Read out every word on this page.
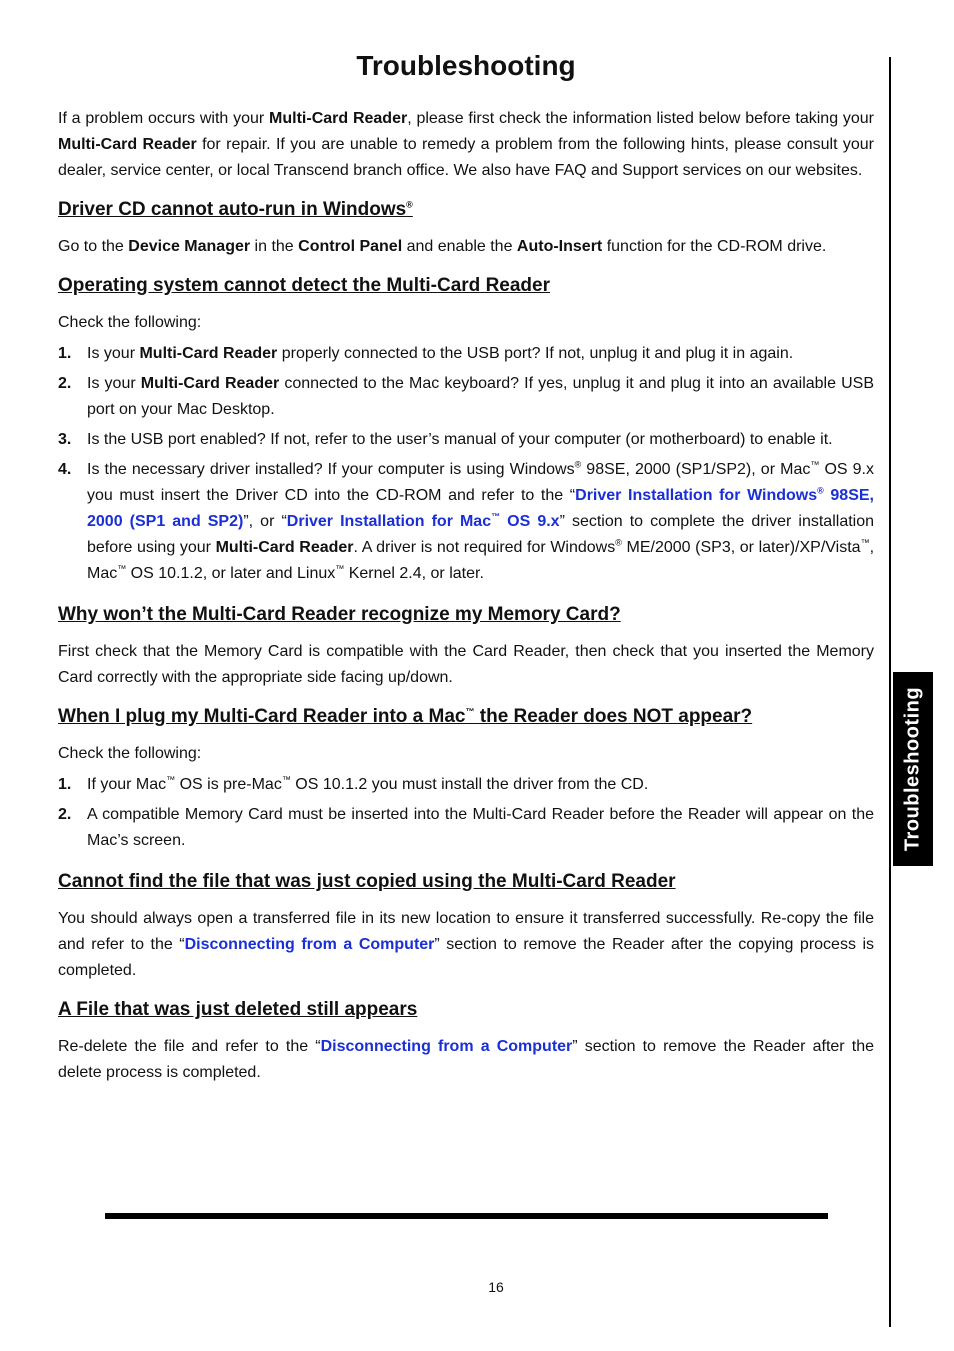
Troubleshooting
Troubleshooting

If a problem occurs with your Multi-Card Reader, please first check the information listed below before taking your Multi-Card Reader for repair. If you are unable to remedy a problem from the following hints, please consult your dealer, service center, or local Transcend branch office. We also have FAQ and Support services on our websites.

Driver CD cannot auto-run in Windows®

Go to the Device Manager in the Control Panel and enable the Auto-Insert function for the CD-ROM drive.

Operating system cannot detect the Multi-Card Reader

Check the following:

1. Is your Multi-Card Reader properly connected to the USB port? If not, unplug it and plug it in again.
2. Is your Multi-Card Reader connected to the Mac keyboard? If yes, unplug it and plug it into an available USB port on your Mac Desktop.
3. Is the USB port enabled? If not, refer to the user’s manual of your computer (or motherboard) to enable it.
4. Is the necessary driver installed? If your computer is using Windows® 98SE, 2000 (SP1/SP2), or Mac™ OS 9.x you must insert the Driver CD into the CD-ROM and refer to the “Driver Installation for Windows® 98SE, 2000 (SP1 and SP2)”, or “Driver Installation for Mac™ OS 9.x” section to complete the driver installation before using your Multi-Card Reader. A driver is not required for Windows® ME/2000 (SP3, or later)/XP/Vista™, Mac™ OS 10.1.2, or later and Linux™ Kernel 2.4, or later.
Why won’t the Multi-Card Reader recognize my Memory Card?

First check that the Memory Card is compatible with the Card Reader, then check that you inserted the Memory Card correctly with the appropriate side facing up/down.

When I plug my Multi-Card Reader into a Mac™ the Reader does NOT appear?

Check the following:

1. If your Mac™ OS is pre-Mac™ OS 10.1.2 you must install the driver from the CD.
2. A compatible Memory Card must be inserted into the Multi-Card Reader before the Reader will appear on the Mac’s screen.
Cannot find the file that was just copied using the Multi-Card Reader

You should always open a transferred file in its new location to ensure it transferred successfully. Re-copy the file and refer to the “Disconnecting from a Computer” section to remove the Reader after the copying process is completed.

A File that was just deleted still appears

Re-delete the file and refer to the “Disconnecting from a Computer” section to remove the Reader after the delete process is completed.

16
